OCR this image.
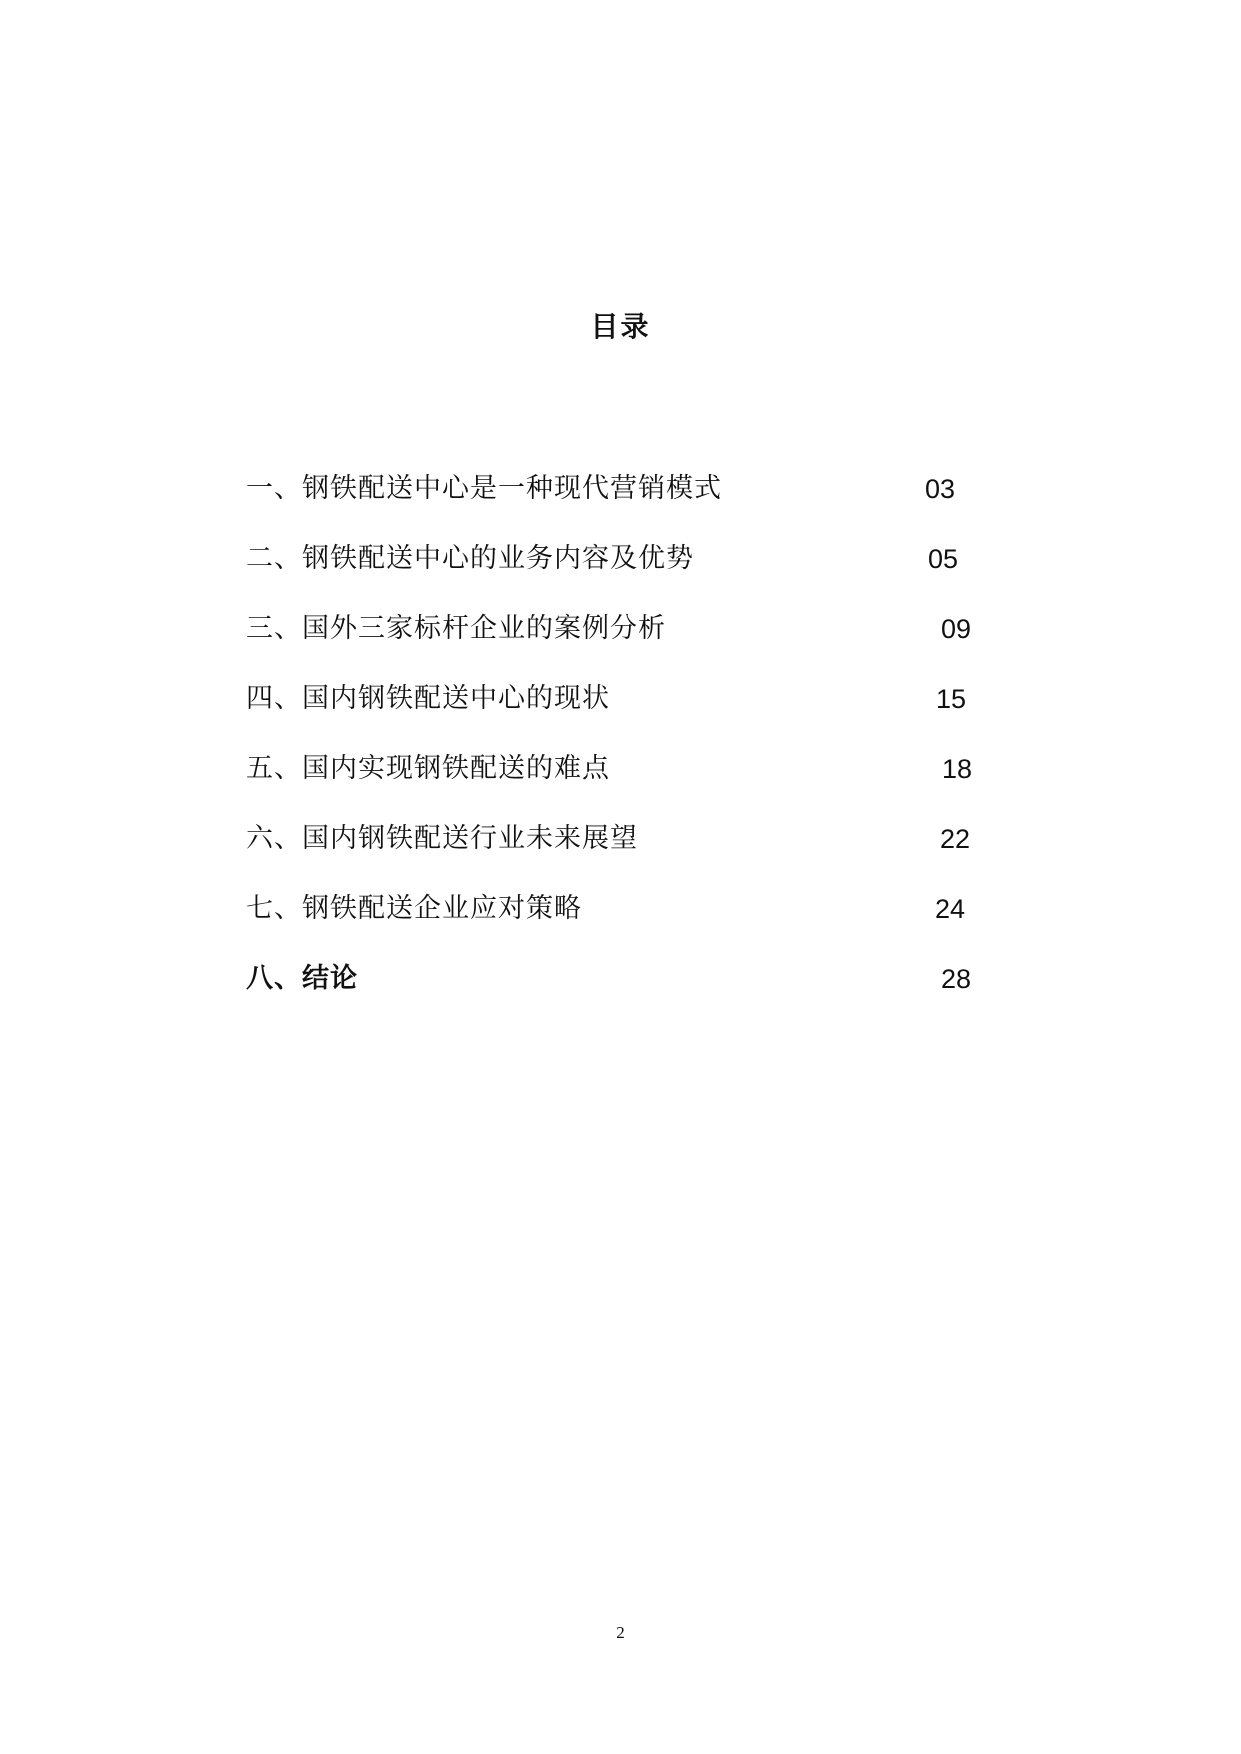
目录
一、钢铁配送中心是一种现代营销模式	03
二、钢铁配送中心的业务内容及优势	05
三、国外三家标杆企业的案例分析	09
四、国内钢铁配送中心的现状	15
五、国内实现钢铁配送的难点	18
六、国内钢铁配送行业未来展望	22
七、钢铁配送企业应对策略	24
八、结论	28
2
